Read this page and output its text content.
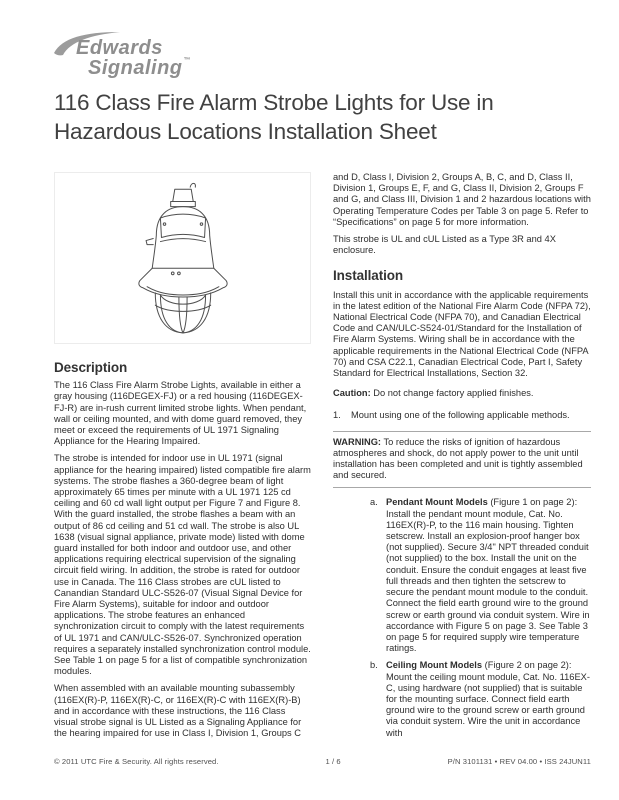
Edwards
Signaling™
116 Class Fire Alarm Strobe Lights for Use in
Hazardous Locations Installation Sheet
Description

The 116 Class Fire Alarm Strobe Lights, available in either a gray housing (116DEGEX-FJ) or a red housing (116DEGEX-FJ-R) are in-rush current limited strobe lights. When pendant, wall or ceiling mounted, and with dome guard removed, they meet or exceed the requirements of UL 1971 Signaling Appliance for the Hearing Impaired.

The strobe is intended for indoor use in UL 1971 (signal appliance for the hearing impaired) listed compatible fire alarm systems. The strobe flashes a 360-degree beam of light approximately 65 times per minute with a UL 1971 125 cd ceiling and 60 cd wall light output per Figure 7 and Figure 8. With the guard installed, the strobe flashes a beam with an output of 86 cd ceiling and 51 cd wall. The strobe is also UL 1638 (visual signal appliance, private mode) listed with dome guard installed for both indoor and outdoor use, and other applications requiring electrical supervision of the signaling circuit field wiring. In addition, the strobe is rated for outdoor use in Canada. The 116 Class strobes are cUL listed to Canandian Standard ULC-S526-07 (Visual Signal Device for Fire Alarm Systems), suitable for indoor and outdoor applications. The strobe features an enhanced synchronization circuit to comply with the latest requirements of UL 1971 and CAN/ULC-S526-07. Synchronized operation requires a separately installed synchronization control module. See Table 1 on page 5 for a list of compatible synchronization modules.

When assembled with an available mounting subassembly (116EX(R)-P, 116EX(R)-C, or 116EX(R)-C with 116EX(R)-B) and in accordance with these instructions, the 116 Class visual strobe signal is UL Listed as a Signaling Appliance for the hearing impaired for use in Class I, Division 1, Groups C

and D, Class I, Division 2, Groups A, B, C, and D, Class II, Division 1, Groups E, F, and G, Class II, Division 2, Groups F and G, and Class III, Division 1 and 2 hazardous locations with Operating Temperature Codes per Table 3 on page 5. Refer to “Specifications” on page 5 for more information.

This strobe is UL and cUL Listed as a Type 3R and 4X enclosure.

Installation

Install this unit in accordance with the applicable requirements in the latest edition of the National Fire Alarm Code (NFPA 72), National Electrical Code (NFPA 70), and Canadian Electrical Code and CAN/ULC-S524-01/Standard for the Installation of Fire Alarm Systems. Wiring shall be in accordance with the applicable requirements in the National Electrical Code (NFPA 70) and CSA C22.1, Canadian Electrical Code, Part I, Safety Standard for Electrical Installations, Section 32.

Caution: Do not change factory applied finishes.

1.	Mount using one of the following applicable methods.
WARNING: To reduce the risks of ignition of hazardous atmospheres and shock, do not apply power to the unit until installation has been completed and unit is tightly assembled and secured.
a. Pendant Mount Models (Figure 1 on page 2): Install the pendant mount module, Cat. No. 116EX(R)-P, to the 116 main housing. Tighten setscrew. Install an explosion-proof hanger box (not supplied). Secure 3/4" NPT threaded conduit (not supplied) to the box. Install the unit on the conduit. Ensure the conduit engages at least five full threads and then tighten the setscrew to secure the pendant mount module to the conduit. Connect the field earth ground wire to the ground screw or earth ground via conduit system. Wire in accordance with Figure 5 on page 3. See Table 3 on page 5 for required supply wire temperature ratings.
b. Ceiling Mount Models (Figure 2 on page 2): Mount the ceiling mount module, Cat. No. 116EX-C, using hardware (not supplied) that is suitable for the mounting surface. Connect field earth ground wire to the ground screw or earth ground via conduit system. Wire the unit in accordance with
© 2011 UTC Fire & Security. All rights reserved.	1 / 6	P/N 3101131 • REV 04.00 • ISS 24JUN11
